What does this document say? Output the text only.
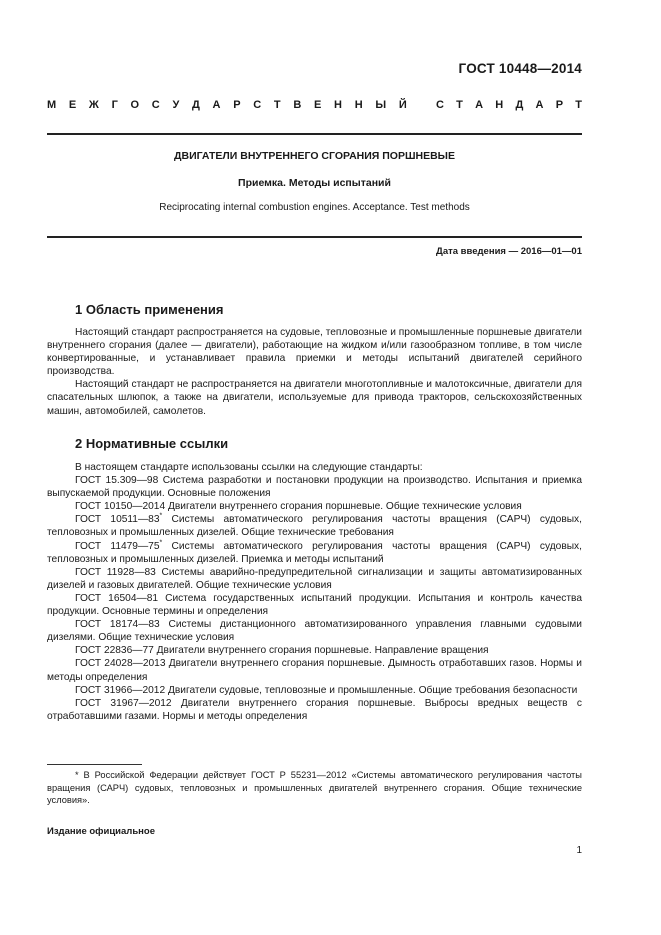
ГОСТ 10448—2014
М Е Ж Г О С У Д А Р С Т В Е Н Н Ы Й	С Т А Н Д А Р Т
ДВИГАТЕЛИ ВНУТРЕННЕГО СГОРАНИЯ ПОРШНЕВЫЕ
Приемка. Методы испытаний
Reciprocating internal combustion engines. Acceptance. Test methods
Дата введения — 2016—01—01
1 Область применения

Настоящий стандарт распространяется на судовые, тепловозные и промышленные поршневые двигатели внутреннего сгорания (далее — двигатели), работающие на жидком и/или газообразном топливе, в том числе конвертированные, и устанавливает правила приемки и методы испытаний двигателей серийного производства.

Настоящий стандарт не распространяется на двигатели многотопливные и малотоксичные, двигатели для спасательных шлюпок, а также на двигатели, используемые для привода тракторов, сельскохозяйственных машин, автомобилей, самолетов.

2 Нормативные ссылки

В настоящем стандарте использованы ссылки на следующие стандарты:

ГОСТ 15.309—98 Система разработки и постановки продукции на производство. Испытания и приемка выпускаемой продукции. Основные положения

ГОСТ 10150—2014 Двигатели внутреннего сгорания поршневые. Общие технические условия

ГОСТ 10511—83* Системы автоматического регулирования частоты вращения (САРЧ) судовых, тепловозных и промышленных дизелей. Общие технические требования

ГОСТ 11479—75* Системы автоматического регулирования частоты вращения (САРЧ) судовых, тепловозных и промышленных дизелей. Приемка и методы испытаний

ГОСТ 11928—83 Системы аварийно-предупредительной сигнализации и защиты автоматизированных дизелей и газовых двигателей. Общие технические условия

ГОСТ 16504—81 Система государственных испытаний продукции. Испытания и контроль качества продукции. Основные термины и определения

ГОСТ 18174—83 Системы дистанционного автоматизированного управления главными судовыми дизелями. Общие технические условия

ГОСТ 22836—77 Двигатели внутреннего сгорания поршневые. Направление вращения

ГОСТ 24028—2013 Двигатели внутреннего сгорания поршневые. Дымность отработавших газов. Нормы и методы определения

ГОСТ 31966—2012 Двигатели судовые, тепловозные и промышленные. Общие требования безопасности

ГОСТ 31967—2012 Двигатели внутреннего сгорания поршневые. Выбросы вредных веществ с отработавшими газами. Нормы и методы определения

* В Российской Федерации действует ГОСТ Р 55231—2012 «Системы автоматического регулирования частоты вращения (САРЧ) судовых, тепловозных и промышленных двигателей внутреннего сгорания. Общие технические условия».
Издание официальное
1
